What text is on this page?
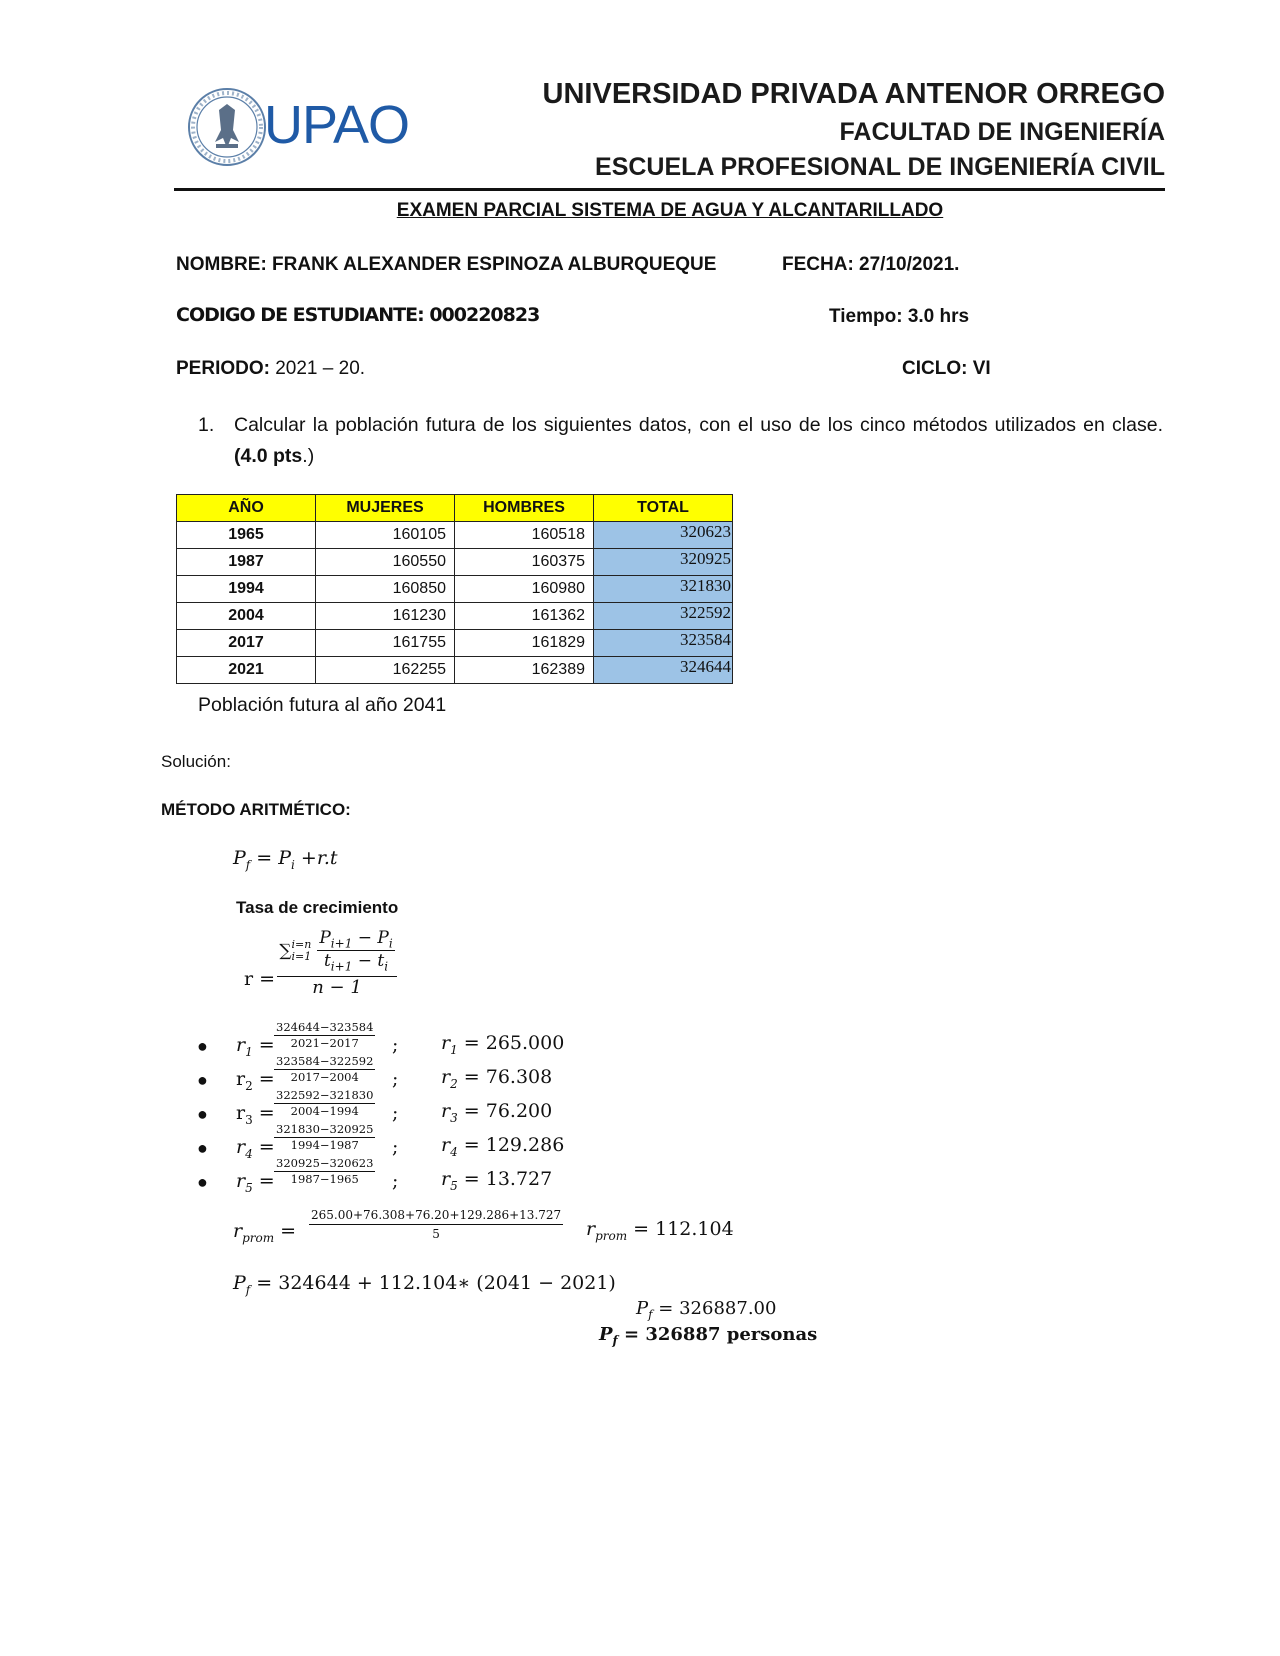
UPAO
UNIVERSIDAD PRIVADA ANTENOR ORREGO
FACULTAD DE INGENIERÍA
ESCUELA PROFESIONAL DE INGENIERÍA CIVIL
EXAMEN PARCIAL SISTEMA DE AGUA Y ALCANTARILLADO
NOMBRE: FRANK ALEXANDER ESPINOZA ALBURQUEQUE	FECHA: 27/10/2021.
CODIGO DE ESTUDIANTE: 000220823	Tiempo: 3.0 hrs
PERIODO: 2021 – 20.	CICLO: VI
1. Calcular la población futura de los siguientes datos, con el uso de los cinco métodos utilizados en clase. (4.0 pts.)
AÑO	MUJERES	HOMBRES	TOTAL
1965	160105	160518	320623
1987	160550	160375	320925
1994	160850	160980	321830
2004	161230	161362	322592
2017	161755	161829	323584
2021	162255	162389	324644
Población futura al año 2041
Solución:
MÉTODO ARITMÉTICO:
$P_f = P_i +r.t$
Tasa de crecimiento
r =
∑i=n
$i=1 \frac{P_{i+1} - P_i}{t_{i+1} - t_i}$
n − 1
● $r_1 = \frac{324644-323584}{2021-2017}$ ; $r_1 = 265.000$
● $r_2 = \frac{323584-322592}{2017-2004}$ ; $r_2 = 76.308$
● $r_3 = \frac{322592-321830}{2004-1994}$ ; $r_3 = 76.200$
● $r_4 = \frac{321830-320925}{1994-1987}$ ; $r_4 = 129.286$
● $r_5 = \frac{320925-320623}{1987-1965}$ ; $r_5 = 13.727$
$r_{prom} = \frac{265.00+76.308+76.20+129.286+13.727}{5} r_{prom} = 112.104$
$P_f = 324644$ + 112.104∗ (2041 − 2021)
$P_f = 326887.00$
$P_f = 326887$ personas
